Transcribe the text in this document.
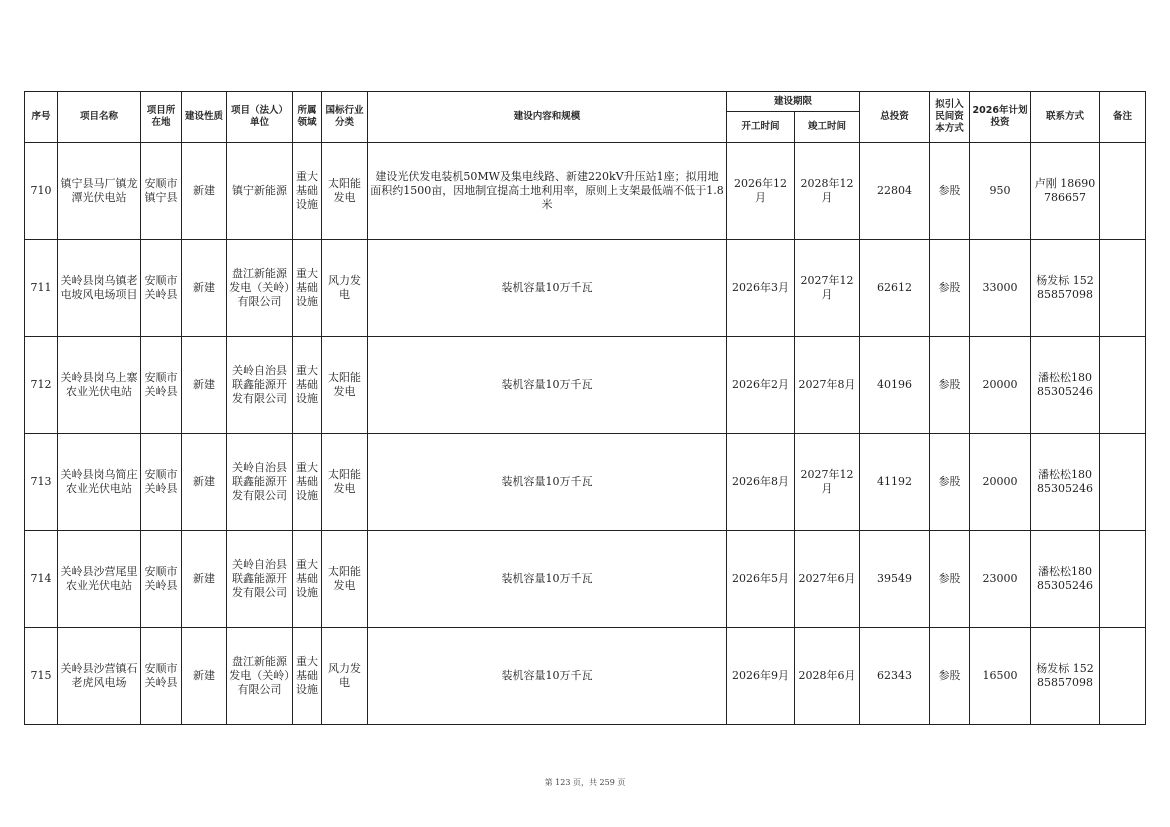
序号	项目名称	项目所在地	建设性质	项目（法人）单位	所属领域	国标行业分类	建设内容和规模	建设期限		总投资	拟引入民间资本方式	2026年计划投资	联系方式	备注
								开工时间	竣工时间					
710	镇宁县马厂镇龙潭光伏电站	安顺市镇宁县	新建	镇宁新能源	重大基础设施	太阳能发电	建设光伏发电装机50MW及集电线路、新建220kV升压站1座；拟用地面积约1500亩，因地制宜提高土地利用率，原则上支架最低端不低于1.8米	2026年12月	2028年12月	22804	参股	950	卢刚 18690786657	
711	关岭县岗乌镇老屯坡风电场项目	安顺市关岭县	新建	盘江新能源发电（关岭）有限公司	重大基础设施	风力发电	装机容量10万千瓦	2026年3月	2027年12月	62612	参股	33000	杨发标 15285857098	
712	关岭县岗乌上寨农业光伏电站	安顺市关岭县	新建	关岭自治县联鑫能源开发有限公司	重大基础设施	太阳能发电	装机容量10万千瓦	2026年2月	2027年8月	40196	参股	20000	潘松松180 85305246	
713	关岭县岗乌简庄农业光伏电站	安顺市关岭县	新建	关岭自治县联鑫能源开发有限公司	重大基础设施	太阳能发电	装机容量10万千瓦	2026年8月	2027年12月	41192	参股	20000	潘松松180 85305246	
714	关岭县沙营尾里农业光伏电站	安顺市关岭县	新建	关岭自治县联鑫能源开发有限公司	重大基础设施	太阳能发电	装机容量10万千瓦	2026年5月	2027年6月	39549	参股	23000	潘松松180 85305246	
715	关岭县沙营镇石老虎风电场	安顺市关岭县	新建	盘江新能源发电（关岭）有限公司	重大基础设施	风力发电	装机容量10万千瓦	2026年9月	2028年6月	62343	参股	16500	杨发标 15285857098	
第 123 页，共 259 页
